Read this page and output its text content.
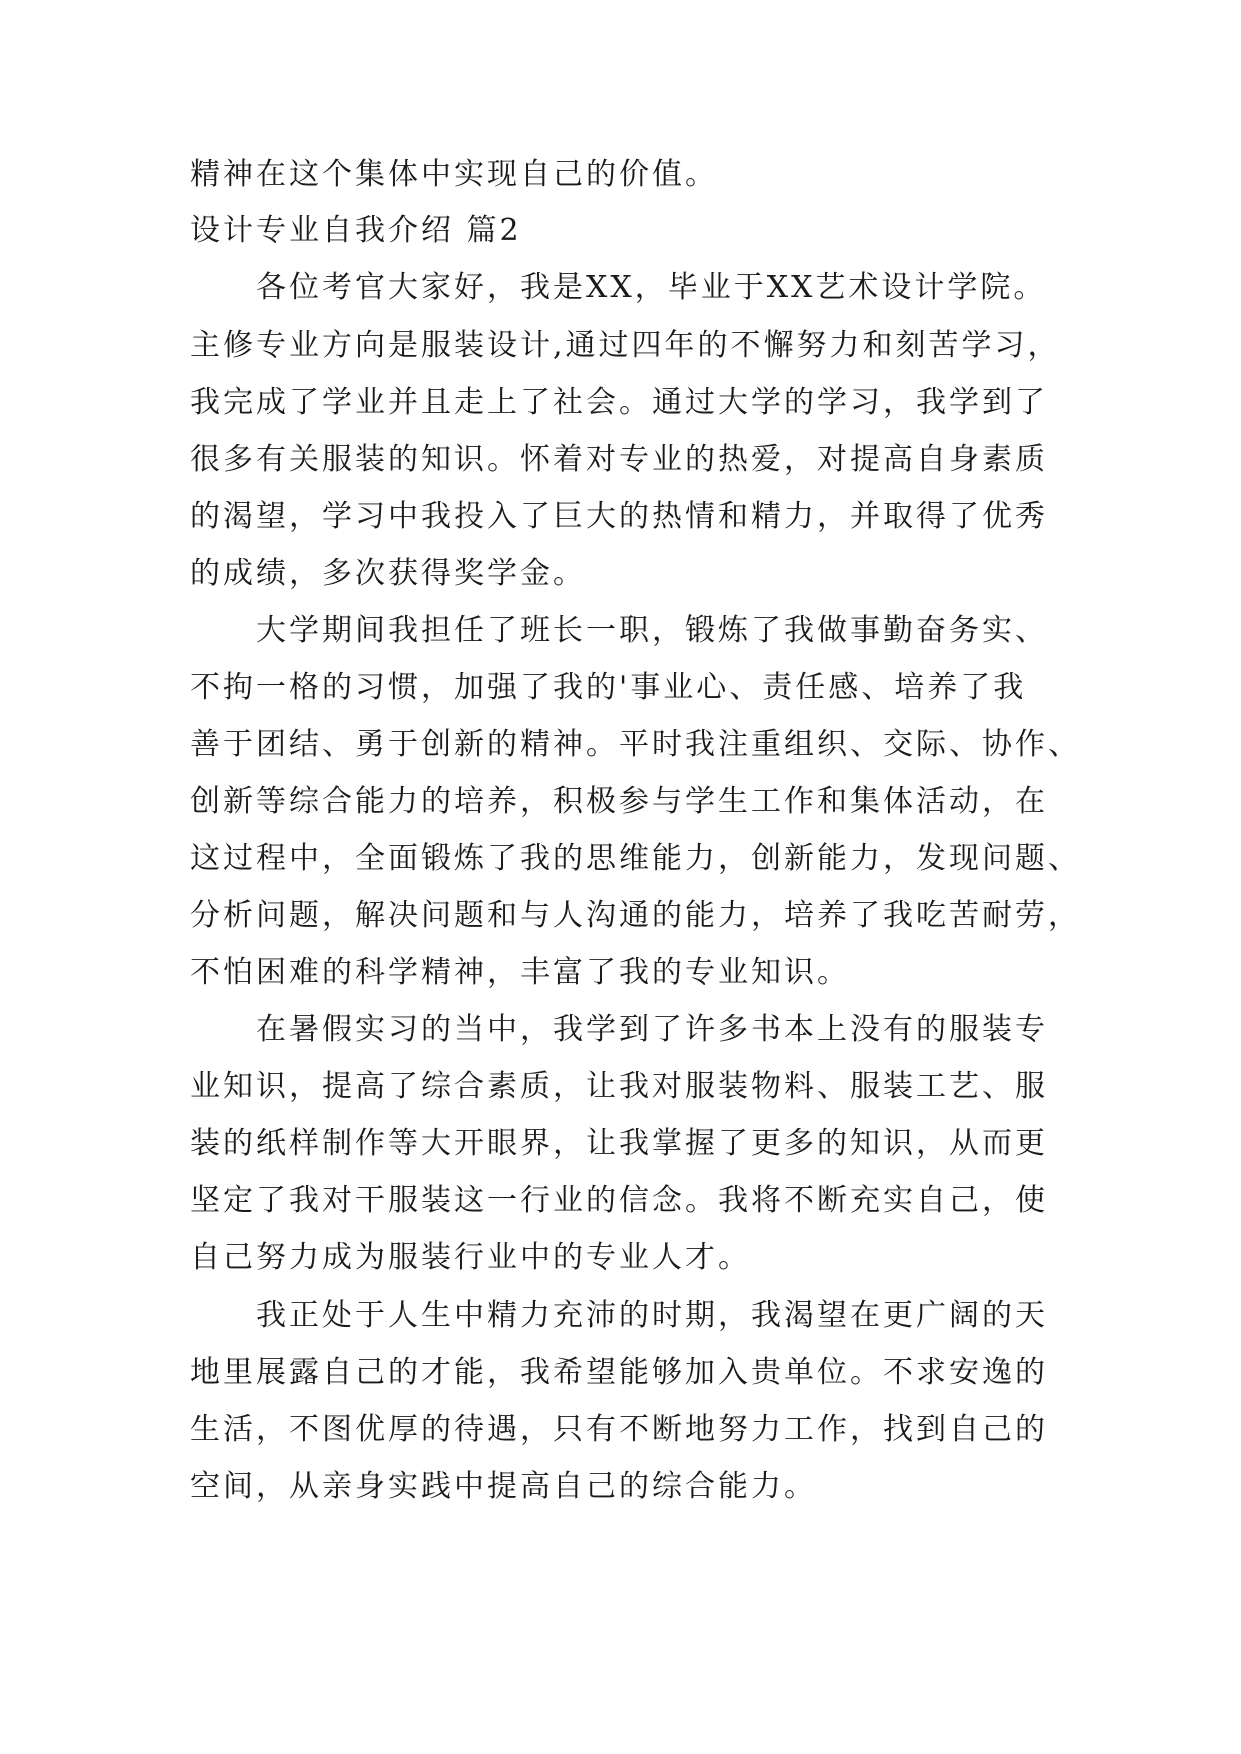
精神在这个集体中实现自己的价值。
设计专业自我介绍 篇2
各位考官大家好，我是XX，毕业于XX艺术设计学院。
主修专业方向是服装设计,通过四年的不懈努力和刻苦学习，
我完成了学业并且走上了社会。通过大学的学习，我学到了
很多有关服装的知识。怀着对专业的热爱，对提高自身素质
的渴望，学习中我投入了巨大的热情和精力，并取得了优秀
的成绩，多次获得奖学金。
大学期间我担任了班长一职，锻炼了我做事勤奋务实、
不拘一格的习惯，加强了我的'事业心、责任感、培养了我
善于团结、勇于创新的精神。平时我注重组织、交际、协作、
创新等综合能力的培养，积极参与学生工作和集体活动，在
这过程中，全面锻炼了我的思维能力，创新能力，发现问题、
分析问题，解决问题和与人沟通的能力，培养了我吃苦耐劳，
不怕困难的科学精神，丰富了我的专业知识。
在暑假实习的当中，我学到了许多书本上没有的服装专
业知识，提高了综合素质，让我对服装物料、服装工艺、服
装的纸样制作等大开眼界，让我掌握了更多的知识，从而更
坚定了我对干服装这一行业的信念。我将不断充实自己，使
自己努力成为服装行业中的专业人才。
我正处于人生中精力充沛的时期，我渴望在更广阔的天
地里展露自己的才能，我希望能够加入贵单位。不求安逸的
生活，不图优厚的待遇，只有不断地努力工作，找到自己的
空间，从亲身实践中提高自己的综合能力。
